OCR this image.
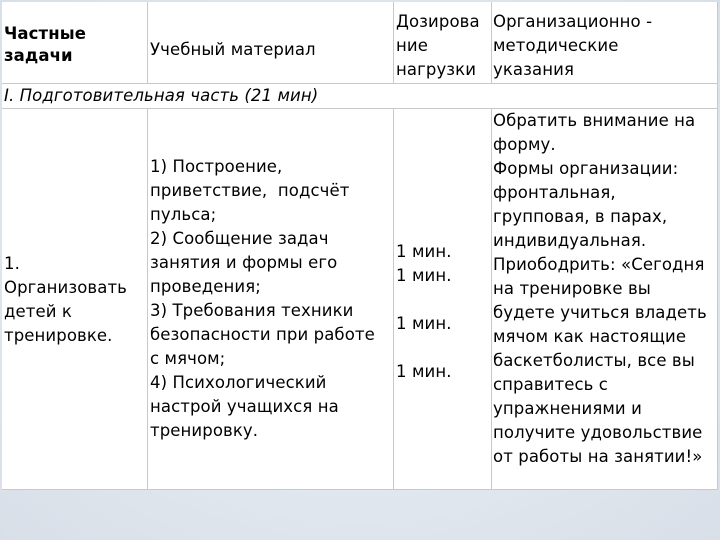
Частные
задачи	Учебный материал
Дозирова
ние
нагрузки
Организационно -
методические
указания
I. Подготовительная часть (21 мин)
1.
Организовать
детей к
тренировке.
1) Построение,
приветствие,  подсчёт
пульса;
2) Сообщение задач
занятия и формы его
проведения;
3) Требования техники
безопасности при работе
с мячом;
4) Психологический
настрой учащихся на
тренировку.
1 мин.
1 мин.
1 мин.
1 мин.
Обратить внимание на
форму.
Формы организации:
фронтальная,
групповая, в парах,
индивидуальная.
Приободрить: «Сегодня
на тренировке вы
будете учиться владеть
мячом как настоящие
баскетболисты, все вы
справитесь с
упражнениями и
получите удовольствие
от работы на занятии!»
